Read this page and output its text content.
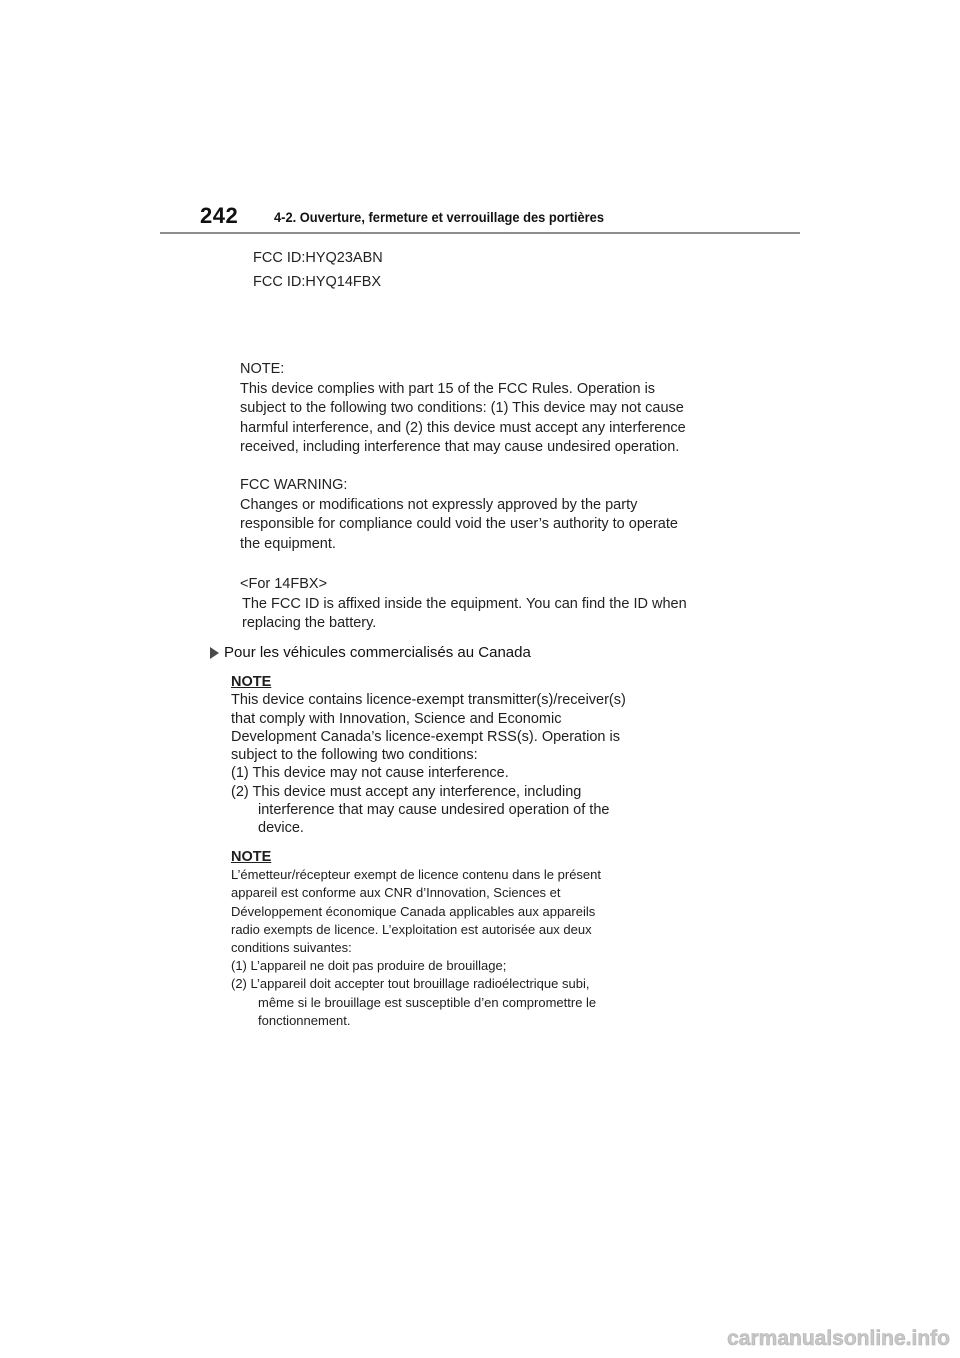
242	4-2. Ouverture, fermeture et verrouillage des portières
FCC ID:HYQ23ABN
FCC ID:HYQ14FBX
NOTE:
This device complies with part 15 of the FCC Rules. Operation is
subject to the following two conditions: (1) This device may not cause
harmful interference, and (2) this device must accept any interference
received, including interference that may cause undesired operation.
FCC WARNING:
Changes or modifications not expressly approved by the party
responsible for compliance could void the user’s authority to operate
the equipment.
<For 14FBX>
The FCC ID is affixed inside the equipment. You can find the ID when
replacing the battery.
Pour les véhicules commercialisés au Canada
NOTE
This device contains licence-exempt transmitter(s)/receiver(s)
that comply with Innovation, Science and Economic
Development Canada’s licence-exempt RSS(s). Operation is
subject to the following two conditions:
(1) This device may not cause interference.
(2) This device must accept any interference, including
interference that may cause undesired operation of the
device.
NOTE
L’émetteur/récepteur exempt de licence contenu dans le présent
appareil est conforme aux CNR d’Innovation, Sciences et
Développement économique Canada applicables aux appareils
radio exempts de licence. L’exploitation est autorisée aux deux
conditions suivantes:
(1) L’appareil ne doit pas produire de brouillage;
(2) L’appareil doit accepter tout brouillage radioélectrique subi,
même si le brouillage est susceptible d’en compromettre le
fonctionnement.
carmanualsonline.info
